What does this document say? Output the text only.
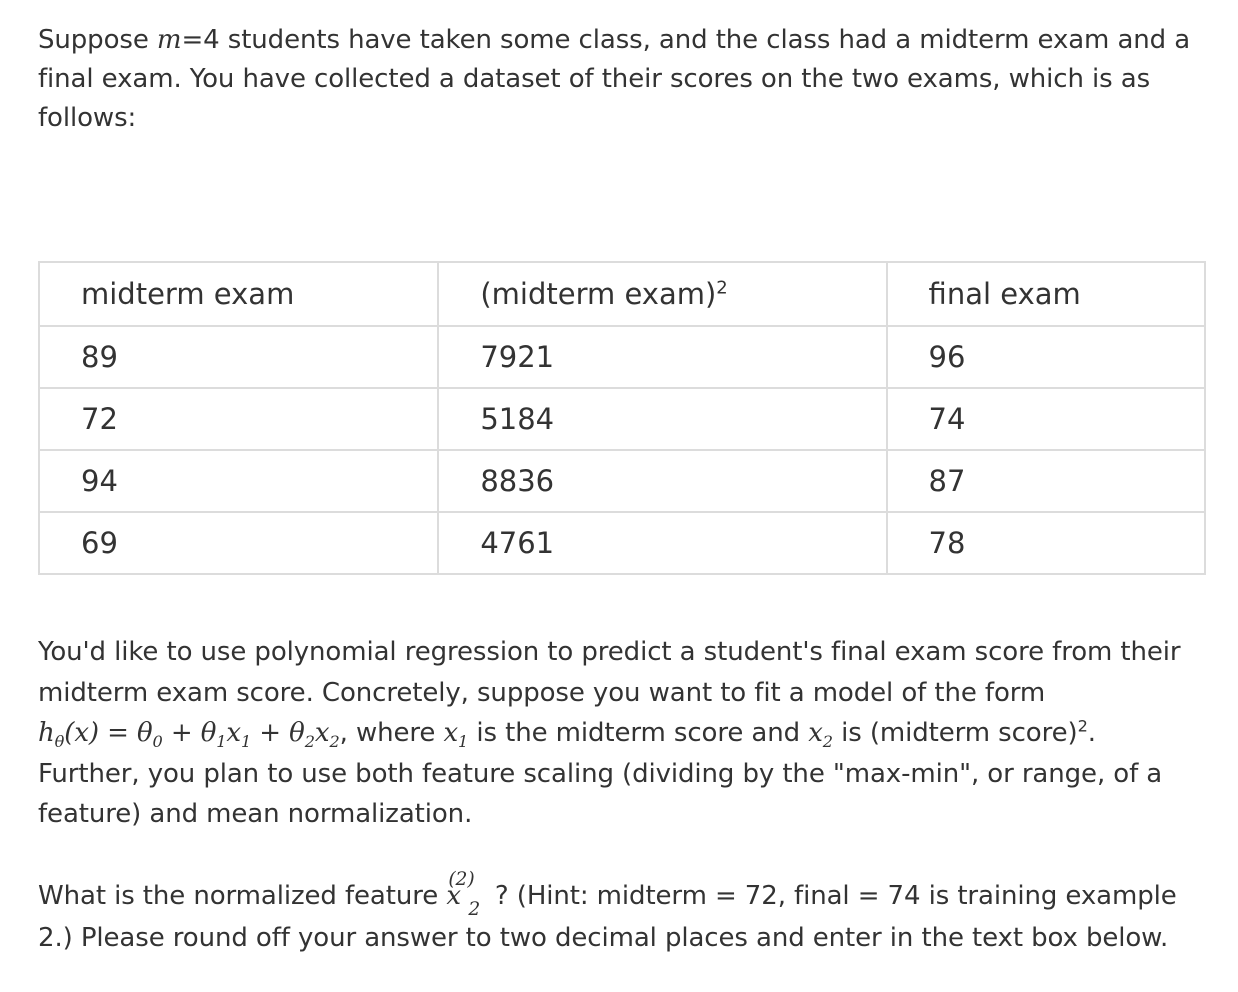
Suppose m=4 students have taken some class, and the class had a midterm exam and a final exam. You have collected a dataset of their scores on the two exams, which is as follows:

midterm exam	(midterm exam)$^2$	final exam
89	7921	96
72	5184	74
94	8836	87
69	4761	78

You'd like to use polynomial regression to predict a student's final exam score from their midterm exam score. Concretely, suppose you want to fit a model of the form
$h_\theta(x) = \theta_0 + \theta_1x_1 + \theta_2x_2$, where $x_1$ is the midterm score and $x_2$ is (midterm score)$^2$.
Further, you plan to use both feature scaling (dividing by the "max-min", or range, of a feature) and mean normalization.

What is the normalized feature x
(2)
2 ? (Hint: midterm = 72, final = 74 is training example 2.) Please round off your answer to two decimal places and enter in the text box below.
